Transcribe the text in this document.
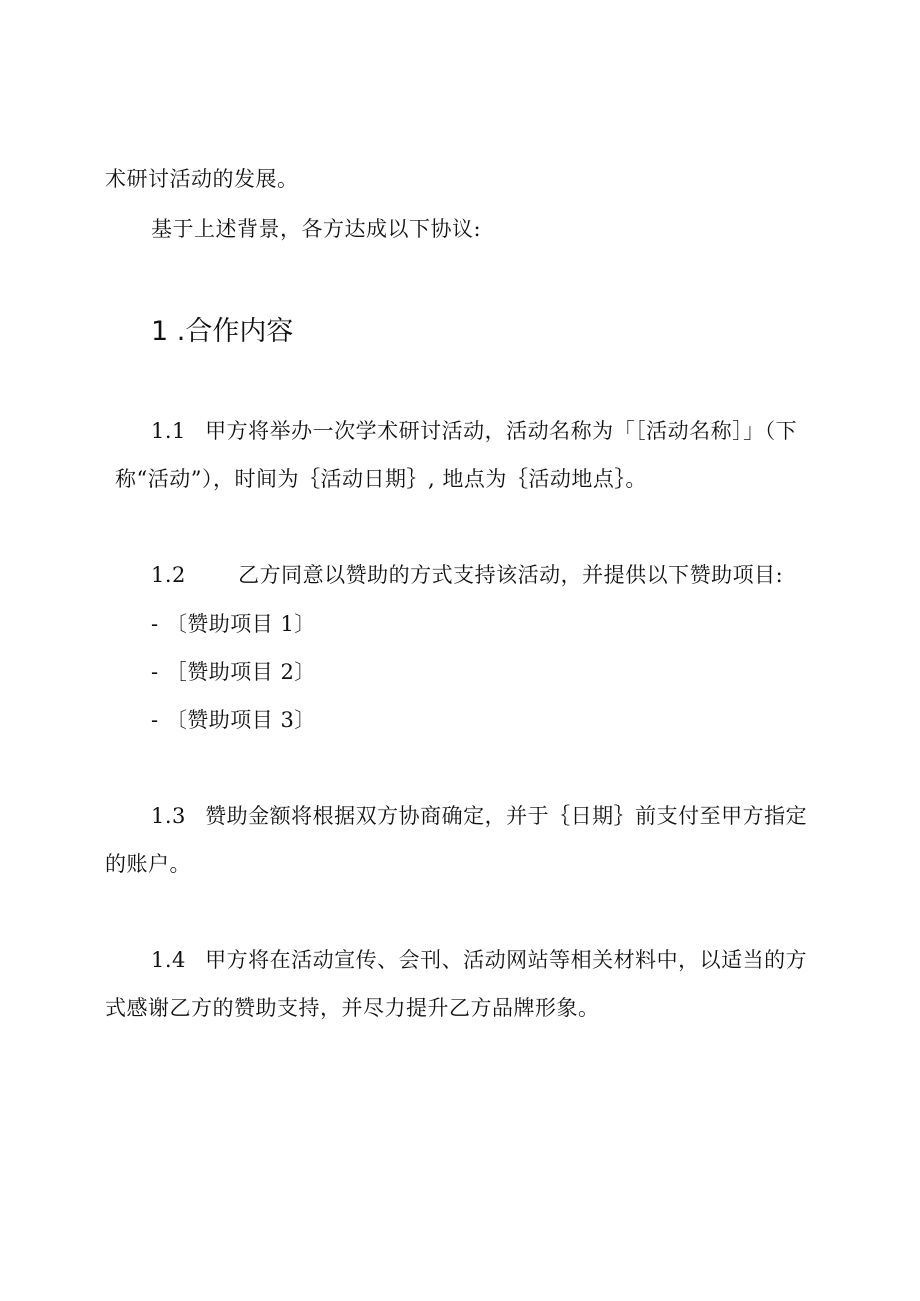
术研讨活动的发展。
基于上述背景，各方达成以下协议:
1 .合作内容
1.1 甲方将举办一次学术研讨活动，活动名称为「［活动名称］」（下
称“活动”），时间为｛活动日期｝, 地点为｛活动地点｝。
1.2 乙方同意以赞助的方式支持该活动，并提供以下赞助项目:
- 〔赞助项目 1〕
- ［赞助项目 2〕
- 〔赞助项目 3〕
1.3 赞助金额将根据双方协商确定，并于｛日期｝前支付至甲方指定
的账户。
1.4 甲方将在活动宣传、会刊、活动网站等相关材料中，以适当的方
式感谢乙方的赞助支持，并尽力提升乙方品牌形象。
